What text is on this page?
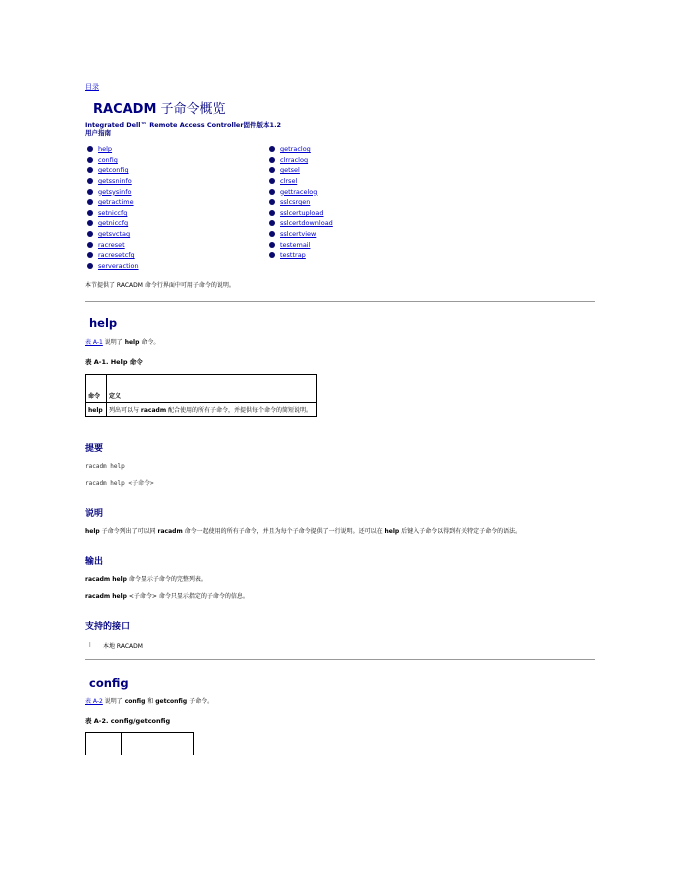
目录
RACADM 子命令概览
Integrated Dell™ Remote Access Controller固件版本1.2
用户指南
help
config
getconfig
getssninfo
getsysinfo
getractime
setniccfg
getniccfg
getsvctag
racreset
racresetcfg
serveraction
getraclog
clrraclog
getsel
clrsel
gettracelog
sslcsrgen
sslcertupload
sslcertdownload
sslcertview
testemail
testtrap
本节提供了 RACADM 命令行界面中可用子命令的说明。
help
表 A-1 说明了 help 命令。
表 A-1. Help 命令
命令	定义
help	列出可以与 racadm 配合使用的所有子命令，并提供每个命令的简短说明。
提要
racadm help
racadm help <子命令>
说明
help 子命令列出了可以同 racadm 命令一起使用的所有子命令，并且为每个子命令提供了一行说明。还可以在 help 后键入子命令以得到有关特定子命令的语法。
输出
racadm help 命令显示子命令的完整列表。
racadm help <子命令> 命令只显示指定的子命令的信息。
支持的接口
l	本地 RACADM
config
表 A-2 说明了 config 和 getconfig 子命令。
表 A-2. config/getconfig
